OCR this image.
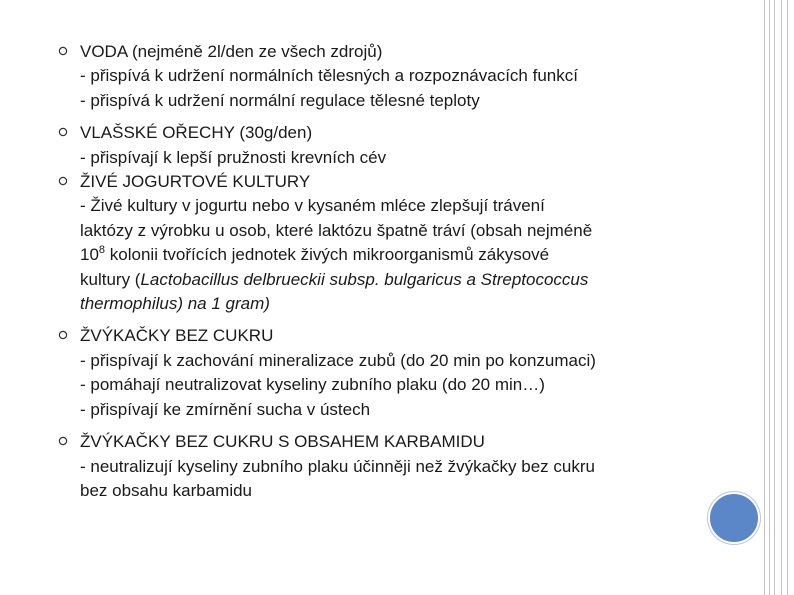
VODA (nejméně 2l/den ze všech zdrojů)
- přispívá k udržení normálních tělesných a rozpoznávacích funkcí
- přispívá k udržení normální regulace tělesné teploty
VLAŠSKÉ OŘECHY (30g/den)
- přispívají k lepší pružnosti krevních cév
ŽIVÉ JOGURTOVÉ KULTURY
- Živé kultury v jogurtu nebo v kysaném mléce zlepšují trávení
laktózy z výrobku u osob, které laktózu špatně tráví (obsah nejméně
$10^8$ kolonii tvořících jednotek živých mikroorganismů zákysové
kultury (Lactobacillus delbrueckii subsp. bulgaricus a Streptococcus
thermophilus) na 1 gram)
ŽVÝKAČKY BEZ CUKRU
- přispívají k zachování mineralizace zubů (do 20 min po konzumaci)
- pomáhají neutralizovat kyseliny zubního plaku (do 20 min…)
- přispívají ke zmírnění sucha v ústech
ŽVÝKAČKY BEZ CUKRU S OBSAHEM KARBAMIDU
- neutralizují kyseliny zubního plaku účinněji než žvýkačky bez cukru
bez obsahu karbamidu
